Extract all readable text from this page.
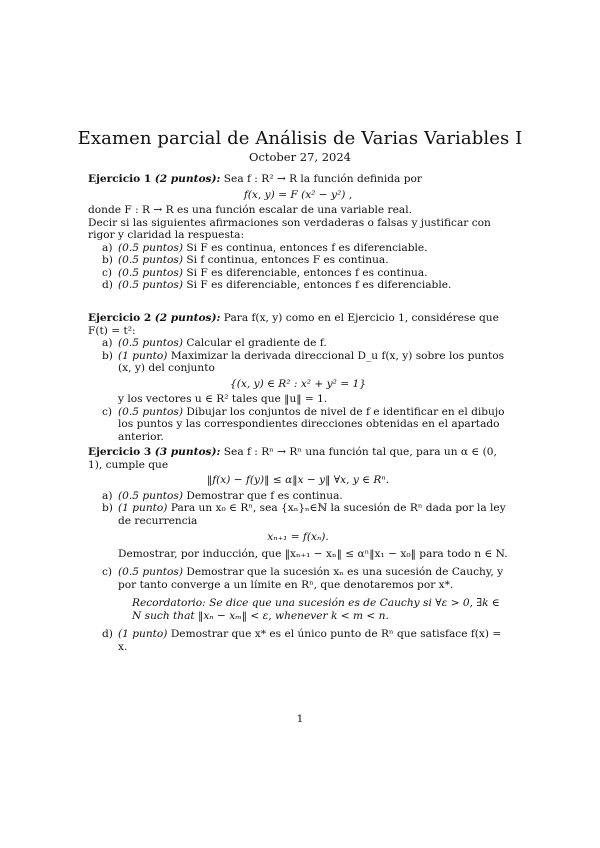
Examen parcial de Análisis de Varias Variables I
October 27, 2024
Ejercicio 1 (2 puntos): Sea f : R² → R la función definida por
f(x, y) = F (x² − y²) ,
donde F : R → R es una función escalar de una variable real.
Decir si las siguientes afirmaciones son verdaderas o falsas y justificar con rigor y claridad la respuesta:
a) (0.5 puntos) Si F es continua, entonces f es diferenciable.
b) (0.5 puntos) Si f continua, entonces F es continua.
c) (0.5 puntos) Si F es diferenciable, entonces f es continua.
d) (0.5 puntos) Si F es diferenciable, entonces f es diferenciable.
Ejercicio 2 (2 puntos): Para f(x, y) como en el Ejercicio 1, considérese que F(t) = t²:
a) (0.5 puntos) Calcular el gradiente de f.
b) (1 punto) Maximizar la derivada direccional D_u f(x, y) sobre los puntos (x, y) del conjunto
{(x, y) ∈ R² : x² + y² = 1}
y los vectores u ∈ R² tales que ‖u‖ = 1.
c) (0.5 puntos) Dibujar los conjuntos de nivel de f e identificar en el dibujo los puntos y las correspondientes direcciones obtenidas en el apartado anterior.
Ejercicio 3 (3 puntos): Sea f : Rⁿ → Rⁿ una función tal que, para un α ∈ (0, 1), cumple que
‖f(x) − f(y)‖ ≤ α‖x − y‖ ∀x, y ∈ Rⁿ.
a) (0.5 puntos) Demostrar que f es continua.
b) (1 punto) Para un x₀ ∈ Rⁿ, sea {xₙ}ₙ∈ℕ la sucesión de Rⁿ dada por la ley de recurrencia
xₙ₊₁ = f(xₙ).
Demostrar, por inducción, que ‖xₙ₊₁ − xₙ‖ ≤ αⁿ‖x₁ − x₀‖ para todo n ∈ N.
c) (0.5 puntos) Demostrar que la sucesión xₙ es una sucesión de Cauchy, y por tanto converge a un límite en Rⁿ, que denotaremos por x*.
Recordatorio: Se dice que una sucesión es de Cauchy si ∀ε > 0, ∃k ∈ N such that ‖xₙ − xₘ‖ < ε, whenever k < m < n.
d) (1 punto) Demostrar que x* es el único punto de Rⁿ que satisface f(x) = x.
1
